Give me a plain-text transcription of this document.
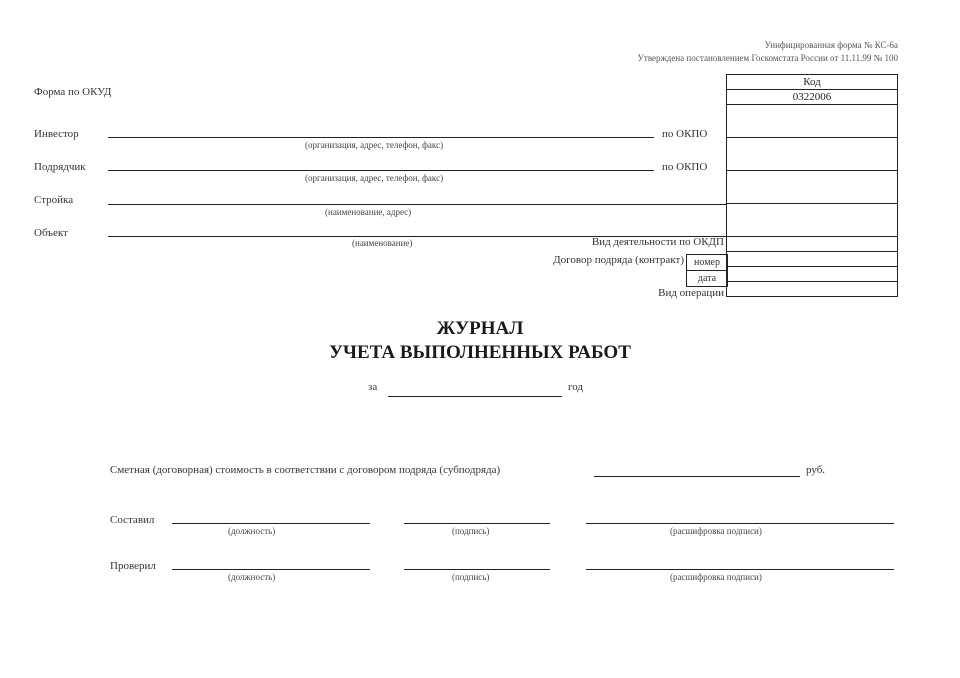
Унифицированная форма № КС-6а
Утверждена постановлением Госкомстата России от 11.11.99 № 100
Форма по ОКУД
Код
0322006

Инвестор
(организация, адрес, телефон, факс)
по ОКПО
Подрядчик
(организация, адрес, телефон, факс)
по ОКПО
Стройка
(наименование, адрес)
Объект
(наименование)	Вид деятельности по ОКДП
Договор подряда (контракт)	номер
дата
Вид операции
ЖУРНАЛ
УЧЕТА ВЫПОЛНЕННЫХ РАБОТ
за	год
Сметная (договорная) стоимость в соответствии с договором подряда (субподряда)	руб.
Составил
(должность)	(подпись)	(расшифровка подписи)
Проверил
(должность)	(подпись)	(расшифровка подписи)
